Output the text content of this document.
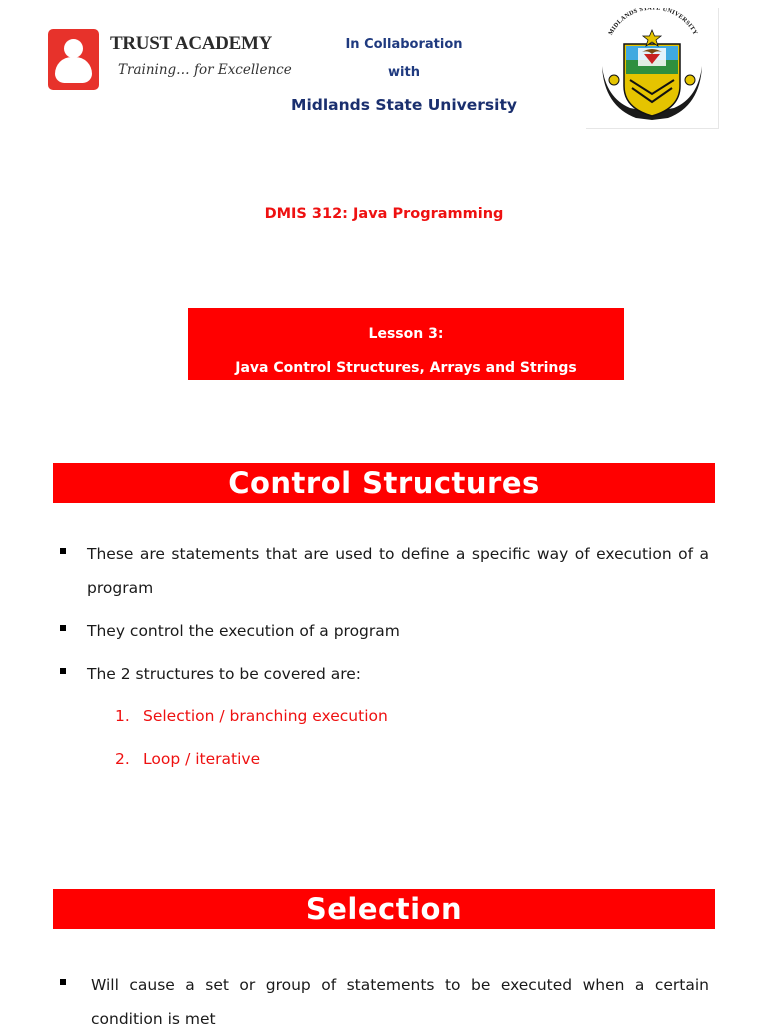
TRUST ACADEMY
Training… for Excellence
In Collaboration
with
Midlands State University
MIDLANDS STATE UNIVERSITY
DMIS 312: Java Programming
Lesson 3:
Java Control Structures, Arrays and Strings
Control Structures
These are statements that are used to define a specific way of execution of a program
They control the execution of a program
The 2 structures to be covered are:
1. Selection / branching execution
2. Loop / iterative
Selection
Will cause a set or group of statements to be executed when a certain condition is met
